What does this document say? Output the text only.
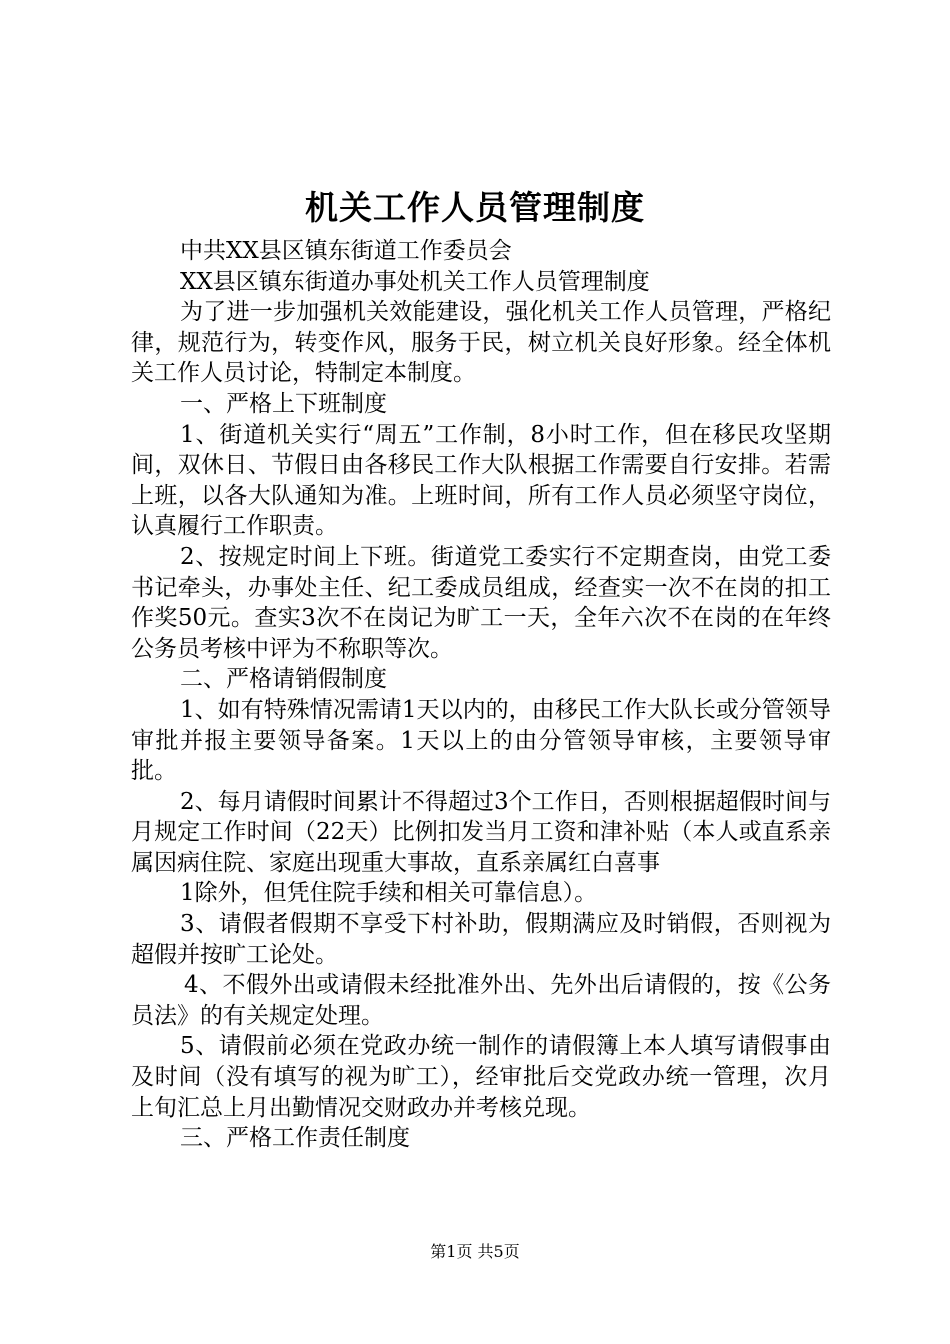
机关工作人员管理制度

中共XX县区镇东街道工作委员会

XX县区镇东街道办事处机关工作人员管理制度

为了进一步加强机关效能建设，强化机关工作人员管理，严格纪律，规范行为，转变作风，服务于民，树立机关良好形象。经全体机关工作人员讨论，特制定本制度。

一、严格上下班制度

1、街道机关实行“周五”工作制，8小时工作，但在移民攻坚期间，双休日、节假日由各移民工作大队根据工作需要自行安排。若需上班，以各大队通知为准。上班时间，所有工作人员必须坚守岗位，认真履行工作职责。

2、按规定时间上下班。街道党工委实行不定期查岗，由党工委书记牵头，办事处主任、纪工委成员组成，经查实一次不在岗的扣工作奖50元。查实3次不在岗记为旷工一天，全年六次不在岗的在年终公务员考核中评为不称职等次。

二、严格请销假制度

1、如有特殊情况需请1天以内的，由移民工作大队长或分管领导审批并报主要领导备案。1天以上的由分管领导审核，主要领导审批。

2、每月请假时间累计不得超过3个工作日，否则根据超假时间与月规定工作时间（22天）比例扣发当月工资和津补贴（本人或直系亲属因病住院、家庭出现重大事故，直系亲属红白喜事

1除外，但凭住院手续和相关可靠信息）。

3、请假者假期不享受下村补助，假期满应及时销假，否则视为超假并按旷工论处。

4、不假外出或请假未经批准外出、先外出后请假的，按《公务员法》的有关规定处理。

5、请假前必须在党政办统一制作的请假簿上本人填写请假事由及时间（没有填写的视为旷工），经审批后交党政办统一管理，次月上旬汇总上月出勤情况交财政办并考核兑现。

三、严格工作责任制度

第1页 共5页
